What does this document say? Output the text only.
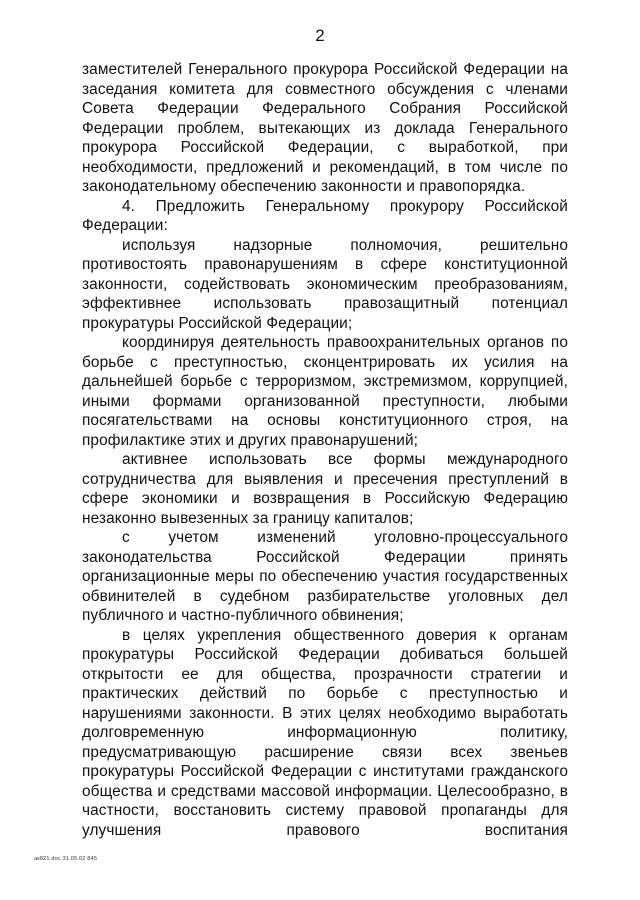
2

заместителей Генерального прокурора Российской Федерации на заседания комитета для совместного обсуждения с членами Совета Федерации Федерального Собрания Российской Федерации проблем, вытекающих из доклада Генерального прокурора Российской Федерации, с выработкой, при необходимости, предложений и рекомендаций, в том числе по законодательному обеспечению законности и правопорядка.

4. Предложить Генеральному прокурору Российской Федерации:

используя надзорные полномочия, решительно противостоять правонарушениям в сфере конституционной законности, содействовать экономическим преобразованиям, эффективнее использовать правозащитный потенциал прокуратуры Российской Федерации;

координируя деятельность правоохранительных органов по борьбе с преступностью, сконцентрировать их усилия на дальнейшей борьбе с терроризмом, экстремизмом, коррупцией, иными формами организованной преступности, любыми посягательствами на основы конституционного строя, на профилактике этих и других правонарушений;

активнее использовать все формы международного сотрудничества для выявления и пресечения преступлений в сфере экономики и возвращения в Российскую Федерацию незаконно вывезенных за границу капиталов;

с учетом изменений уголовно-процессуального законодательства Российской Федерации принять организационные меры по обеспечению участия государственных обвинителей в судебном разбирательстве уголовных дел публичного и частно-публичного обвинения;

в целях укрепления общественного доверия к органам прокуратуры Российской Федерации добиваться большей открытости ее для общества, прозрачности стратегии и практических действий по борьбе с преступностью и нарушениями законности. В этих целях необходимо выработать долговременную информационную политику, предусматривающую расширение связи всех звеньев прокуратуры Российской Федерации с институтами гражданского общества и средствами массовой информации. Целесообразно, в частности, восстановить систему правовой пропаганды для улучшения правового воспитания

ак821.doc 31.05.02 845
